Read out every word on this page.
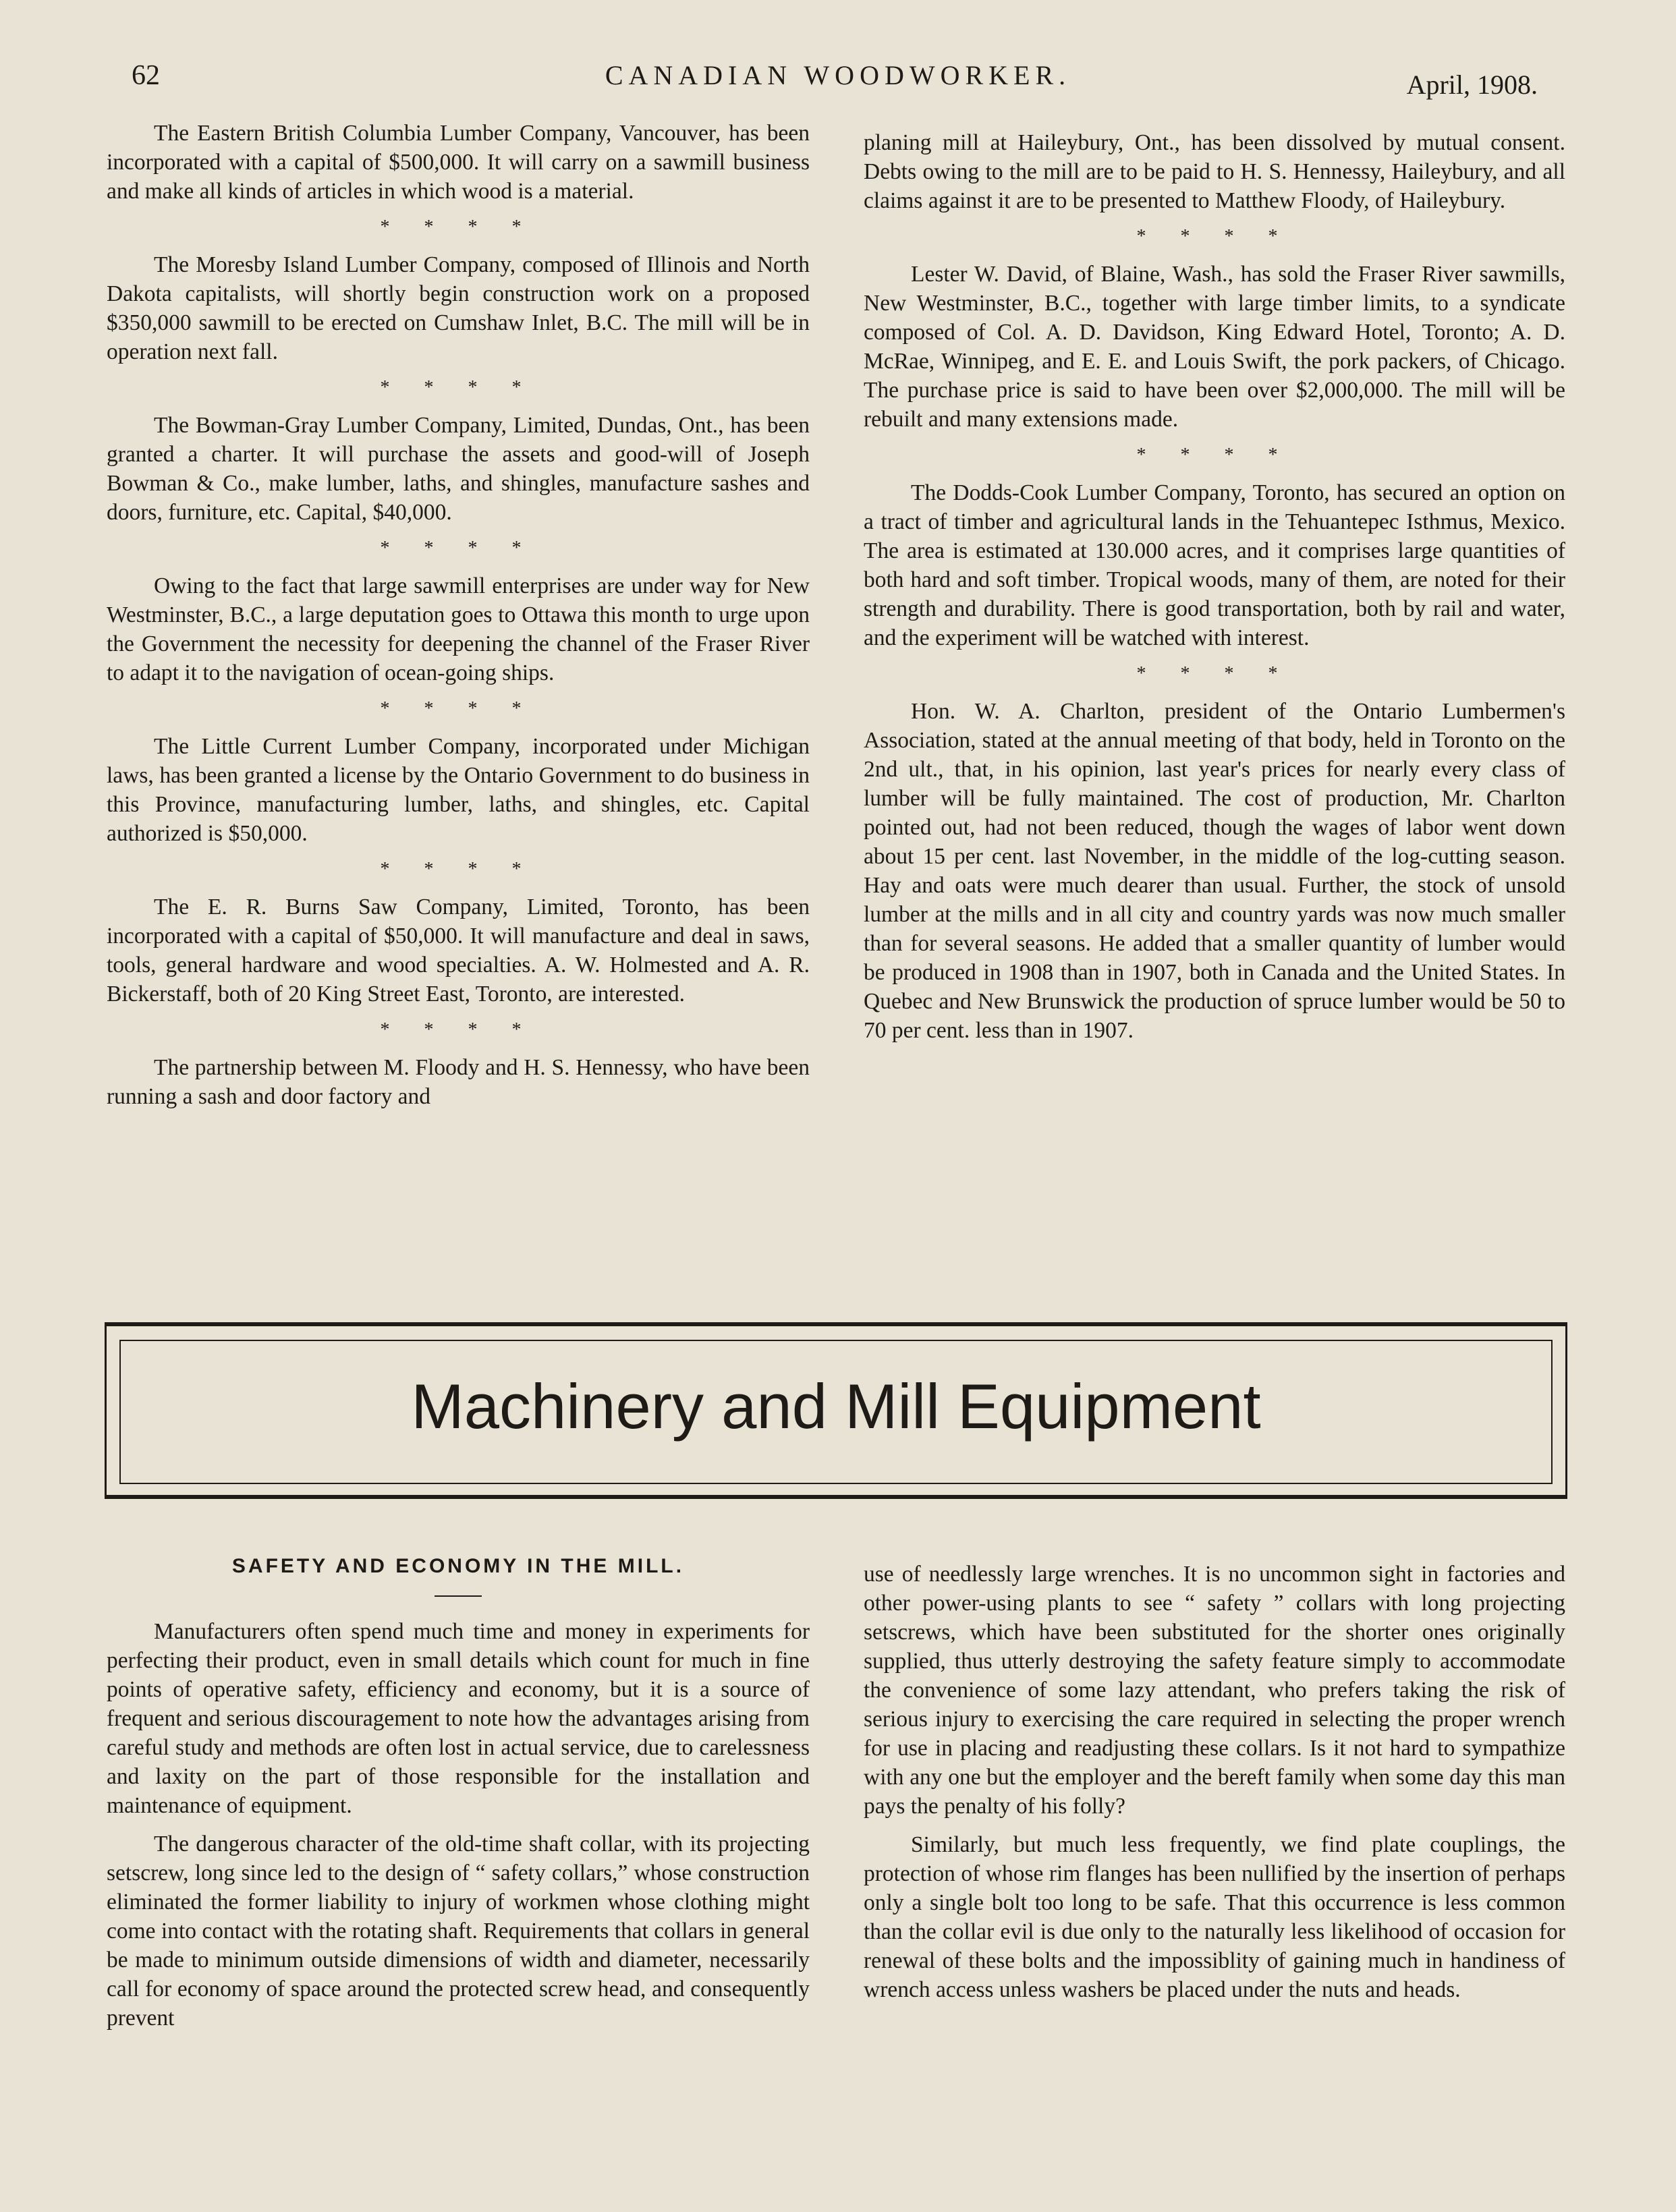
62	CANADIAN WOODWORKER.	April, 1908.

The Eastern British Columbia Lumber Company, Vancouver, has been incorporated with a capital of $500,000. It will carry on a sawmill business and make all kinds of articles in which wood is a material.

* * * *

The Moresby Island Lumber Company, composed of Illinois and North Dakota capitalists, will shortly begin construction work on a proposed $350,000 sawmill to be erected on Cumshaw Inlet, B.C. The mill will be in operation next fall.

* * * *

The Bowman-Gray Lumber Company, Limited, Dundas, Ont., has been granted a charter. It will purchase the assets and good-will of Joseph Bowman & Co., make lumber, laths, and shingles, manufacture sashes and doors, furniture, etc. Capital, $40,000.

* * * *

Owing to the fact that large sawmill enterprises are under way for New Westminster, B.C., a large deputation goes to Ottawa this month to urge upon the Government the necessity for deepening the channel of the Fraser River to adapt it to the navigation of ocean-going ships.

* * * *

The Little Current Lumber Company, incorporated under Michigan laws, has been granted a license by the Ontario Government to do business in this Province, manufacturing lumber, laths, and shingles, etc. Capital authorized is $50,000.

* * * *

The E. R. Burns Saw Company, Limited, Toronto, has been incorporated with a capital of $50,000. It will manufacture and deal in saws, tools, general hardware and wood specialties. A. W. Holmested and A. R. Bickerstaff, both of 20 King Street East, Toronto, are interested.

* * * *

The partnership between M. Floody and H. S. Hennessy, who have been running a sash and door factory and

planing mill at Haileybury, Ont., has been dissolved by mutual consent. Debts owing to the mill are to be paid to H. S. Hennessy, Haileybury, and all claims against it are to be presented to Matthew Floody, of Haileybury.

* * * *

Lester W. David, of Blaine, Wash., has sold the Fraser River sawmills, New Westminster, B.C., together with large timber limits, to a syndicate composed of Col. A. D. Davidson, King Edward Hotel, Toronto; A. D. McRae, Winnipeg, and E. E. and Louis Swift, the pork packers, of Chicago. The purchase price is said to have been over $2,000,000. The mill will be rebuilt and many extensions made.

* * * *

The Dodds-Cook Lumber Company, Toronto, has secured an option on a tract of timber and agricultural lands in the Tehuantepec Isthmus, Mexico. The area is estimated at 130.000 acres, and it comprises large quantities of both hard and soft timber. Tropical woods, many of them, are noted for their strength and durability. There is good transportation, both by rail and water, and the experiment will be watched with interest.

* * * *

Hon. W. A. Charlton, president of the Ontario Lumbermen's Association, stated at the annual meeting of that body, held in Toronto on the 2nd ult., that, in his opinion, last year's prices for nearly every class of lumber will be fully maintained. The cost of production, Mr. Charlton pointed out, had not been reduced, though the wages of labor went down about 15 per cent. last November, in the middle of the log-cutting season. Hay and oats were much dearer than usual. Further, the stock of unsold lumber at the mills and in all city and country yards was now much smaller than for several seasons. He added that a smaller quantity of lumber would be produced in 1908 than in 1907, both in Canada and the United States. In Quebec and New Brunswick the production of spruce lumber would be 50 to 70 per cent. less than in 1907.

Machinery and Mill Equipment
SAFETY AND ECONOMY IN THE MILL.

Manufacturers often spend much time and money in experiments for perfecting their product, even in small details which count for much in fine points of operative safety, efficiency and economy, but it is a source of frequent and serious discouragement to note how the advantages arising from careful study and methods are often lost in actual service, due to carelessness and laxity on the part of those responsible for the installation and maintenance of equipment.

The dangerous character of the old-time shaft collar, with its projecting setscrew, long since led to the design of “ safety collars,” whose construction eliminated the former liability to injury of workmen whose clothing might come into contact with the rotating shaft. Requirements that collars in general be made to minimum outside dimensions of width and diameter, necessarily call for economy of space around the protected screw head, and consequently prevent

use of needlessly large wrenches. It is no uncommon sight in factories and other power-using plants to see “ safety ” collars with long projecting setscrews, which have been substituted for the shorter ones originally supplied, thus utterly destroying the safety feature simply to accommodate the convenience of some lazy attendant, who prefers taking the risk of serious injury to exercising the care required in selecting the proper wrench for use in placing and readjusting these collars. Is it not hard to sympathize with any one but the employer and the bereft family when some day this man pays the penalty of his folly?

Similarly, but much less frequently, we find plate couplings, the protection of whose rim flanges has been nullified by the insertion of perhaps only a single bolt too long to be safe. That this occurrence is less common than the collar evil is due only to the naturally less likelihood of occasion for renewal of these bolts and the impossiblity of gaining much in handiness of wrench access unless washers be placed under the nuts and heads.
